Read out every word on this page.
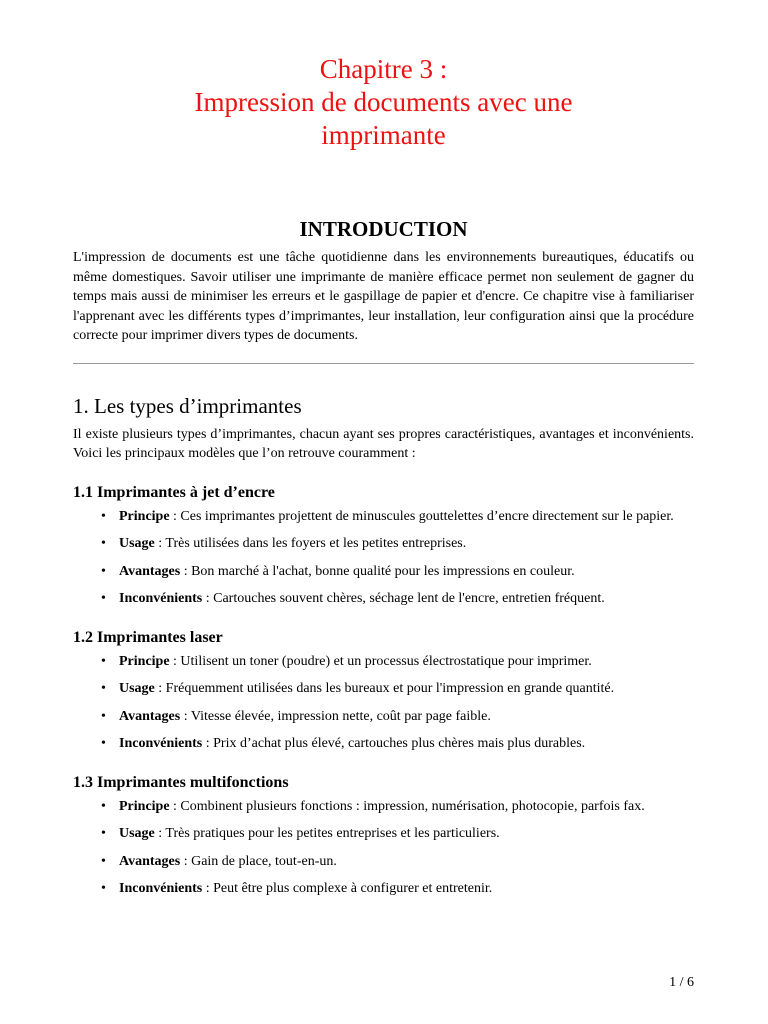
Chapitre 3 :
Impression de documents avec une
imprimante
INTRODUCTION

L'impression de documents est une tâche quotidienne dans les environnements bureautiques, éducatifs ou même domestiques. Savoir utiliser une imprimante de manière efficace permet non seulement de gagner du temps mais aussi de minimiser les erreurs et le gaspillage de papier et d'encre. Ce chapitre vise à familiariser l'apprenant avec les différents types d’imprimantes, leur installation, leur configuration ainsi que la procédure correcte pour imprimer divers types de documents.

1. Les types d’imprimantes

Il existe plusieurs types d’imprimantes, chacun ayant ses propres caractéristiques, avantages et inconvénients. Voici les principaux modèles que l’on retrouve couramment :

1.1 Imprimantes à jet d’encre
• Principe : Ces imprimantes projettent de minuscules gouttelettes d’encre directement sur le papier.
• Usage : Très utilisées dans les foyers et les petites entreprises.
• Avantages : Bon marché à l'achat, bonne qualité pour les impressions en couleur.
• Inconvénients : Cartouches souvent chères, séchage lent de l'encre, entretien fréquent.
1.2 Imprimantes laser
• Principe : Utilisent un toner (poudre) et un processus électrostatique pour imprimer.
• Usage : Fréquemment utilisées dans les bureaux et pour l'impression en grande quantité.
• Avantages : Vitesse élevée, impression nette, coût par page faible.
• Inconvénients : Prix d’achat plus élevé, cartouches plus chères mais plus durables.
1.3 Imprimantes multifonctions
• Principe : Combinent plusieurs fonctions : impression, numérisation, photocopie, parfois fax.
• Usage : Très pratiques pour les petites entreprises et les particuliers.
• Avantages : Gain de place, tout-en-un.
• Inconvénients : Peut être plus complexe à configurer et entretenir.
1 / 6
